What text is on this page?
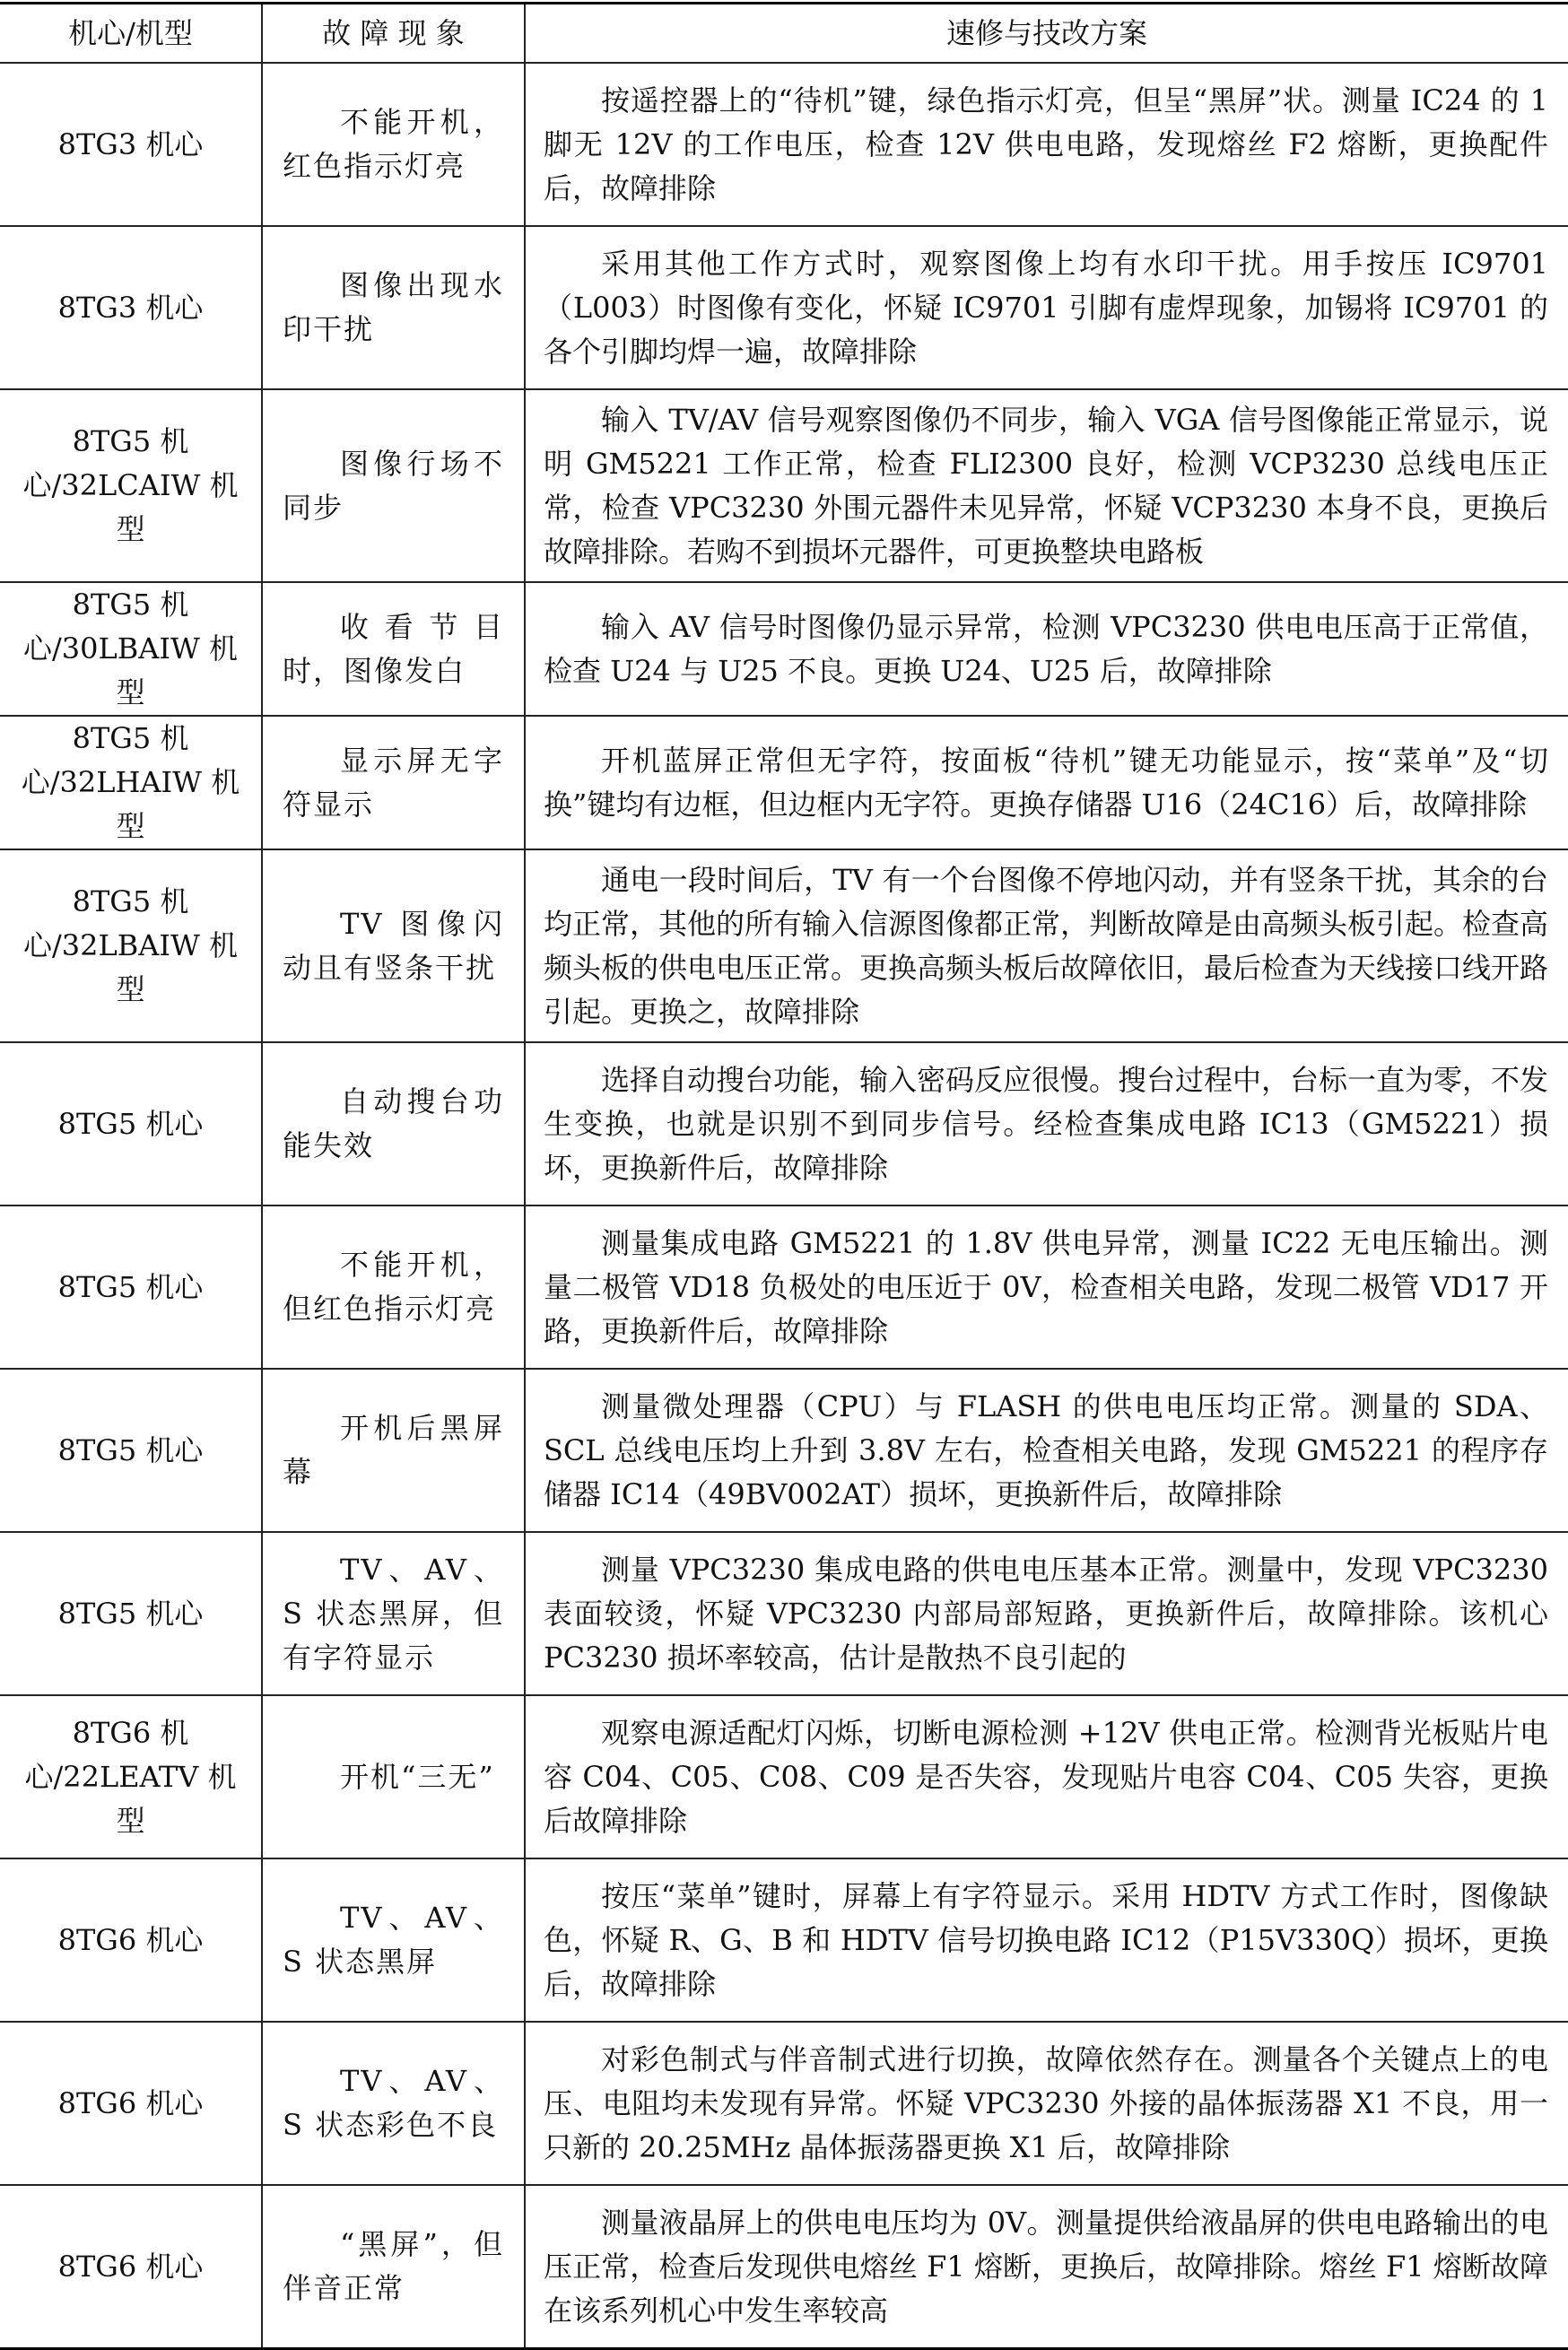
机心/机型	故 障 现 象	速修与技改方案
8TG3 机心	不能开机，红色指示灯亮	按遥控器上的“待机”键，绿色指示灯亮，但呈“黑屏”状。测量 IC24 的 1 脚无 12V 的工作电压，检查 12V 供电电路，发现熔丝 F2 熔断，更换配件后，故障排除
8TG3 机心	图像出现水印干扰	采用其他工作方式时，观察图像上均有水印干扰。用手按压 IC9701（L003）时图像有变化，怀疑 IC9701 引脚有虚焊现象，加锡将 IC9701 的各个引脚均焊一遍，故障排除
8TG5 机心/32LCAIW 机型	图像行场不同步	输入 TV/AV 信号观察图像仍不同步，输入 VGA 信号图像能正常显示，说明 GM5221 工作正常，检查 FLI2300 良好，检测 VCP3230 总线电压正常，检查 VPC3230 外围元器件未见异常，怀疑 VCP3230 本身不良，更换后故障排除。若购不到损坏元器件，可更换整块电路板
8TG5 机心/30LBAIW 机型	收看节目时，图像发白	输入 AV 信号时图像仍显示异常，检测 VPC3230 供电电压高于正常值，检查 U24 与 U25 不良。更换 U24、U25 后，故障排除
8TG5 机心/32LHAIW 机型	显示屏无字符显示	开机蓝屏正常但无字符，按面板“待机”键无功能显示，按“菜单”及“切换”键均有边框，但边框内无字符。更换存储器 U16（24C16）后，故障排除
8TG5 机心/32LBAIW 机型	TV 图像闪动且有竖条干扰	通电一段时间后，TV 有一个台图像不停地闪动，并有竖条干扰，其余的台均正常，其他的所有输入信源图像都正常，判断故障是由高频头板引起。检查高频头板的供电电压正常。更换高频头板后故障依旧，最后检查为天线接口线开路引起。更换之，故障排除
8TG5 机心	自动搜台功能失效	选择自动搜台功能，输入密码反应很慢。搜台过程中，台标一直为零，不发生变换，也就是识别不到同步信号。经检查集成电路 IC13（GM5221）损坏，更换新件后，故障排除
8TG5 机心	不能开机，但红色指示灯亮	测量集成电路 GM5221 的 1.8V 供电异常，测量 IC22 无电压输出。测量二极管 VD18 负极处的电压近于 0V，检查相关电路，发现二极管 VD17 开路，更换新件后，故障排除
8TG5 机心	开机后黑屏幕	测量微处理器（CPU）与 FLASH 的供电电压均正常。测量的 SDA、SCL 总线电压均上升到 3.8V 左右，检查相关电路，发现 GM5221 的程序存储器 IC14（49BV002AT）损坏，更换新件后，故障排除
8TG5 机心	TV、AV、S 状态黑屏，但有字符显示	测量 VPC3230 集成电路的供电电压基本正常。测量中，发现 VPC3230 表面较烫，怀疑 VPC3230 内部局部短路，更换新件后，故障排除。该机心 PC3230 损坏率较高，估计是散热不良引起的
8TG6 机心/22LEATV 机型	开机“三无”	观察电源适配灯闪烁，切断电源检测 +12V 供电正常。检测背光板贴片电容 C04、C05、C08、C09 是否失容，发现贴片电容 C04、C05 失容，更换后故障排除
8TG6 机心	TV、AV、S 状态黑屏	按压“菜单”键时，屏幕上有字符显示。采用 HDTV 方式工作时，图像缺色，怀疑 R、G、B 和 HDTV 信号切换电路 IC12（P15V330Q）损坏，更换后，故障排除
8TG6 机心	TV、AV、S 状态彩色不良	对彩色制式与伴音制式进行切换，故障依然存在。测量各个关键点上的电压、电阻均未发现有异常。怀疑 VPC3230 外接的晶体振荡器 X1 不良，用一只新的 20.25MHz 晶体振荡器更换 X1 后，故障排除
8TG6 机心	“黑屏”，但伴音正常	测量液晶屏上的供电电压均为 0V。测量提供给液晶屏的供电电路输出的电压正常，检查后发现供电熔丝 F1 熔断，更换后，故障排除。熔丝 F1 熔断故障在该系列机心中发生率较高
